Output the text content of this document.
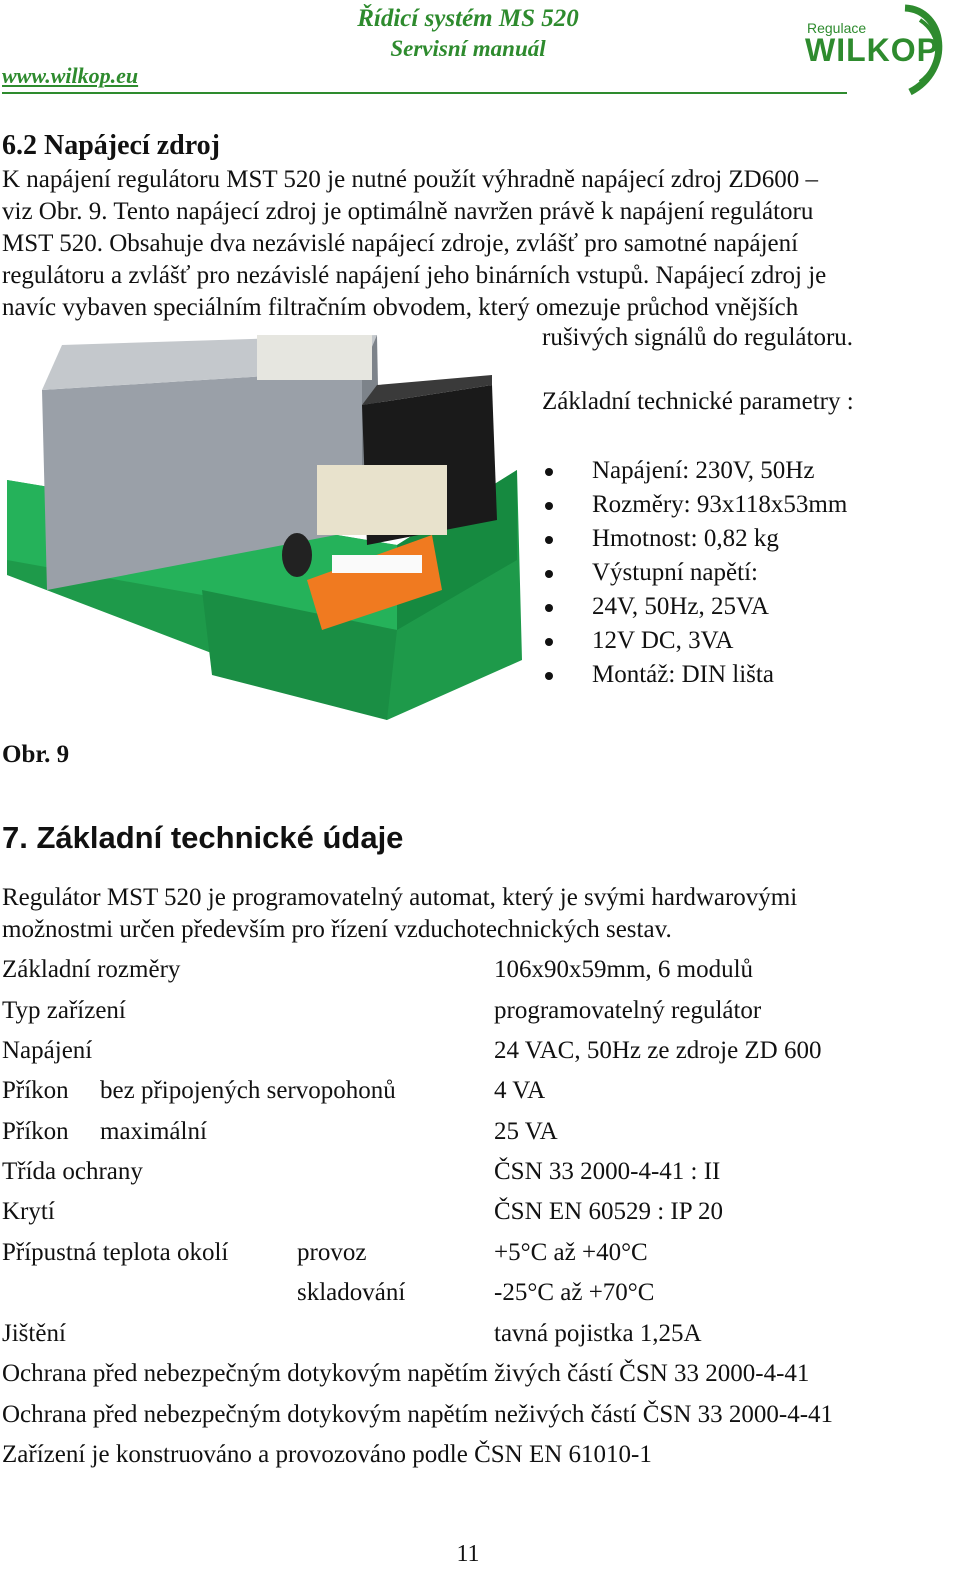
Řídicí systém MS 520
Servisní manuál
www.wilkop.eu
Regulace
WILKOP
6.2 Napájecí zdroj
K napájení regulátoru MST 520 je nutné použít výhradně napájecí zdroj ZD600 –
viz Obr. 9. Tento napájecí zdroj je optimálně navržen právě k napájení regulátoru
MST 520. Obsahuje dva nezávislé napájecí zdroje, zvlášť pro samotné napájení
regulátoru a zvlášť pro nezávislé napájení jeho binárních vstupů. Napájecí zdroj je
navíc vybaven speciálním filtračním obvodem, který omezuje průchod vnějších
rušivých signálů do regulátoru.
Základní technické parametry :
Napájení: 230V, 50Hz
Rozměry: 93x118x53mm
Hmotnost: 0,82 kg
Výstupní napětí:
24V, 50Hz, 25VA
12V DC, 3VA
Montáž: DIN lišta
Obr. 9
7. Základní technické údaje
Regulátor MST 520 je programovatelný automat, který je svými hardwarovými
možnostmi určen především pro řízení vzduchotechnických sestav.
Základní rozměry	106x90x59mm, 6 modulů
Typ zařízení	programovatelný regulátor
Napájení	24 VAC, 50Hz ze zdroje ZD 600
Příkon bez připojených servopohonů	4 VA
Příkon maximální	25 VA
Třída ochrany	ČSN 33 2000-4-41 : II
Krytí	ČSN EN 60529 : IP 20
Přípustná teplota okolí	provoz	+5°C až +40°C
skladování	-25°C až +70°C
Jištění	tavná pojistka 1,25A
Ochrana před nebezpečným dotykovým napětím živých částí ČSN 33 2000-4-41
Ochrana před nebezpečným dotykovým napětím neživých částí ČSN 33 2000-4-41
Zařízení je konstruováno a provozováno podle ČSN EN 61010-1
11
